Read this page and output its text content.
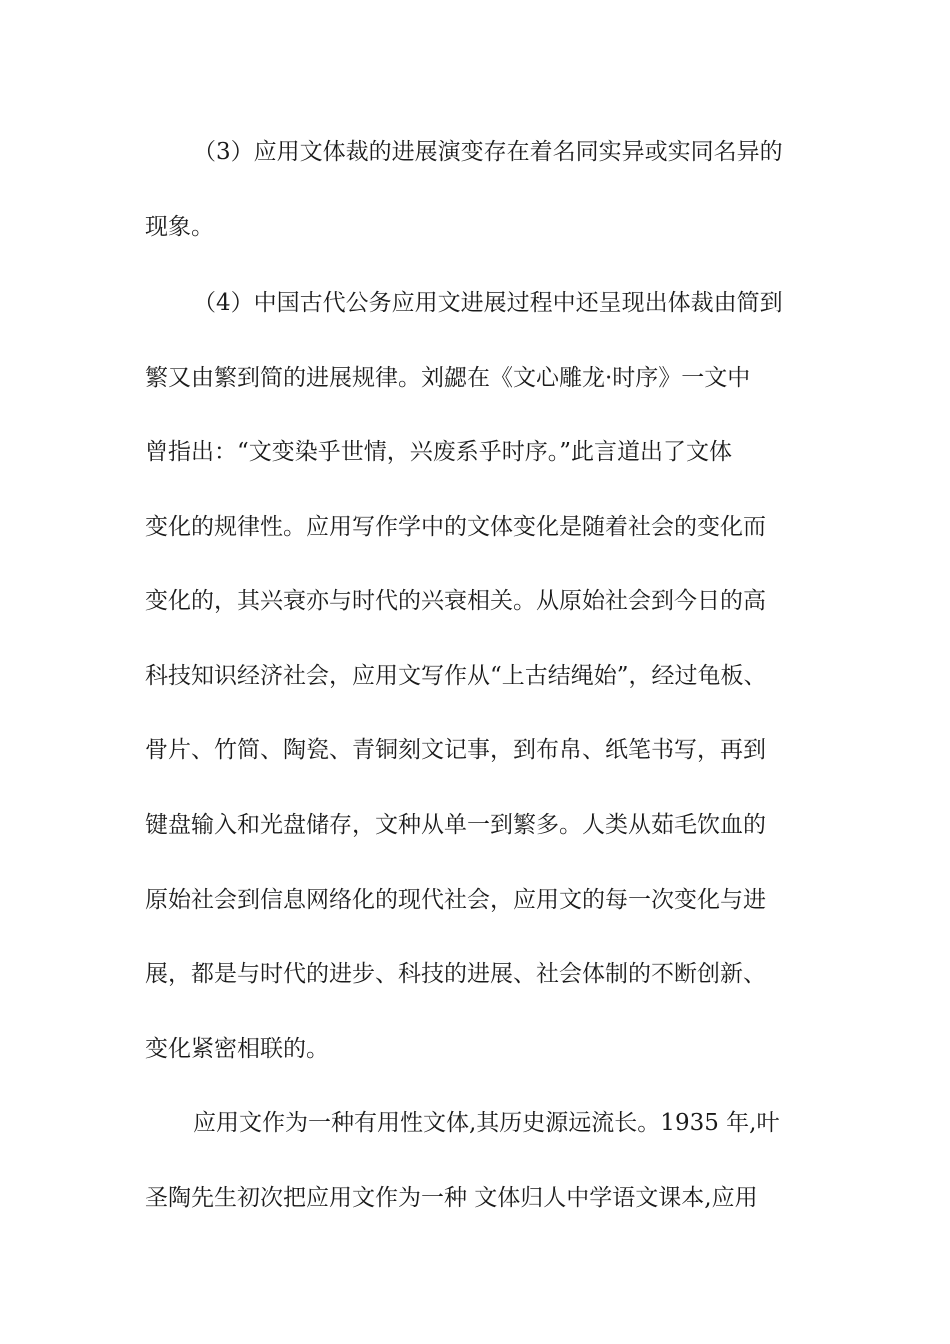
（3）应用文体裁的进展演变存在着名同实异或实同名异的
现象。
（4）中国古代公务应用文进展过程中还呈现出体裁由简到
繁又由繁到简的进展规律。刘勰在《文心雕龙·时序》一文中
曾指出：“文变染乎世情，兴废系乎时序。”此言道出了文体
变化的规律性。应用写作学中的文体变化是随着社会的变化而
变化的，其兴衰亦与时代的兴衰相关。从原始社会到今日的高
科技知识经济社会，应用文写作从“上古结绳始”，经过龟板、
骨片、竹简、陶瓷、青铜刻文记事，到布帛、纸笔书写，再到
键盘输入和光盘储存，文种从单一到繁多。人类从茹毛饮血的
原始社会到信息网络化的现代社会，应用文的每一次变化与进
展，都是与时代的进步、科技的进展、社会体制的不断创新、
变化紧密相联的。
应用文作为一种有用性文体,其历史源远流长。1935 年,叶
圣陶先生初次把应用文作为一种 文体归人中学语文课本,应用
